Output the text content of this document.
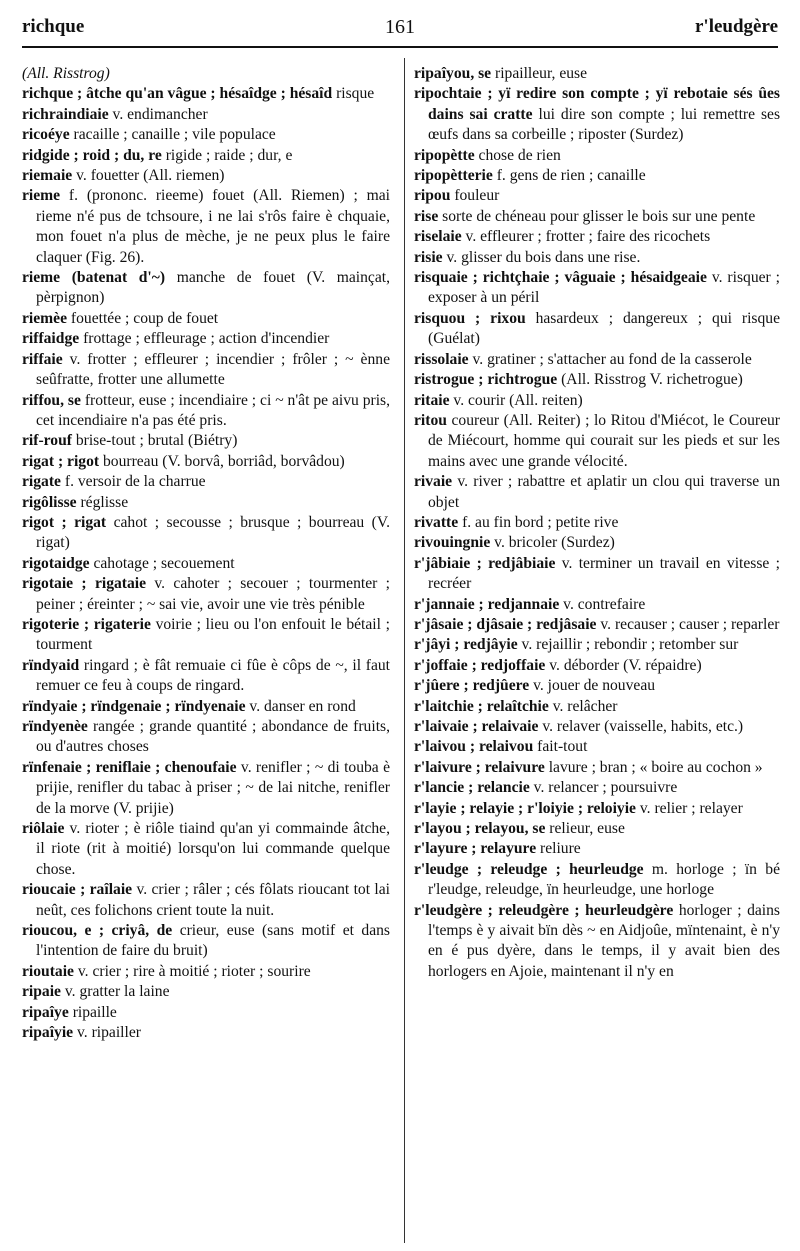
richque	161	r'leudgère

(All. Risstrog)

richque ; âtche qu'an vâgue ; hésaîdge ; hésaîd risque

richraindiaie v. endimancher

ricoéye racaille ; canaille ; vile populace

ridgide ; roid ; du, re rigide ; raide ; dur, e

riemaie v. fouetter (All. riemen)

rieme f. (prononc. rieeme) fouet (All. Riemen) ; mai rieme n'é pus de tchsoure, i ne lai s'rôs faire è chquaie, mon fouet n'a plus de mèche, je ne peux plus le faire claquer (Fig. 26).

rieme (batenat d'~) manche de fouet (V. mainçat, pèrpignon)

riemèe fouettée ; coup de fouet

riffaidge frottage ; effleurage ; action d'incendier

riffaie v. frotter ; effleurer ; incendier ; frôler ; ~ ènne seûfratte, frotter une allumette

riffou, se frotteur, euse ; incendiaire ; ci ~ n'ât pe aivu pris, cet incendiaire n'a pas été pris.

rif-rouf brise-tout ; brutal (Biétry)

rigat ; rigot bourreau (V. borvâ, borriâd, borvâdou)

rigate f. versoir de la charrue

rigôlisse réglisse

rigot ; rigat cahot ; secousse ; brusque ; bourreau (V. rigat)

rigotaidge cahotage ; secouement

rigotaie ; rigataie v. cahoter ; secouer ; tourmenter ; peiner ; éreinter ; ~ sai vie, avoir une vie très pénible

rigoterie ; rigaterie voirie ; lieu ou l'on enfouit le bétail ; tourment

rïndyaid ringard ; è fât remuaie ci fûe è côps de ~, il faut remuer ce feu à coups de ringard.

rïndyaie ; rïndgenaie ; rïndyenaie v. danser en rond

rïndyenèe rangée ; grande quantité ; abondance de fruits, ou d'autres choses

rïnfenaie ; reniflaie ; chenoufaie v. renifler ; ~ di touba è prijie, renifler du tabac à priser ; ~ de lai nitche, renifler de la morve (V. prijie)

riôlaie v. rioter ; è riôle tiaind qu'an yi commainde âtche, il riote (rit à moitié) lorsqu'on lui commande quelque chose.

rioucaie ; raîlaie v. crier ; râler ; cés fôlats rioucant tot lai neût, ces folichons crient toute la nuit.

rioucou, e ; criyâ, de crieur, euse (sans motif et dans l'intention de faire du bruit)

rioutaie v. crier ; rire à moitié ; rioter ; sourire

ripaie v. gratter la laine

ripaîye ripaille

ripaîyie v. ripailler

ripaîyou, se ripailleur, euse

ripochtaie ; yï redire son compte ; yï rebotaie sés ûes dains sai cratte lui dire son compte ; lui remettre ses œufs dans sa corbeille ; riposter (Surdez)

ripopètte chose de rien

ripopètterie f. gens de rien ; canaille

ripou fouleur

rise sorte de chéneau pour glisser le bois sur une pente

riselaie v. effleurer ; frotter ; faire des ricochets

risie v. glisser du bois dans une rise.

risquaie ; richtçhaie ; vâguaie ; hésaidgeaie v. risquer ; exposer à un péril

risquou ; rixou hasardeux ; dangereux ; qui risque (Guélat)

rissolaie v. gratiner ; s'attacher au fond de la casserole

ristrogue ; richtrogue (All. Risstrog V. richetrogue)

ritaie v. courir (All. reiten)

ritou coureur (All. Reiter) ; lo Ritou d'Miécot, le Coureur de Miécourt, homme qui courait sur les pieds et sur les mains avec une grande vélocité.

rivaie v. river ; rabattre et aplatir un clou qui traverse un objet

rivatte f. au fin bord ; petite rive

rivouingnie v. bricoler (Surdez)

r'jâbiaie ; redjâbiaie v. terminer un travail en vitesse ; recréer

r'jannaie ; redjannaie v. contrefaire

r'jâsaie ; djâsaie ; redjâsaie v. recauser ; causer ; reparler

r'jâyi ; redjâyie v. rejaillir ; rebondir ; retomber sur

r'joffaie ; redjoffaie v. déborder (V. répaidre)

r'jûere ; redjûere v. jouer de nouveau

r'laitchie ; relaîtchie v. relâcher

r'laivaie ; relaivaie v. relaver (vaisselle, habits, etc.)

r'laivou ; relaivou fait-tout

r'laivure ; relaivure lavure ; bran ; « boire au cochon »

r'lancie ; relancie v. relancer ; poursuivre

r'layie ; relayie ; r'loiyie ; reloiyie v. relier ; relayer

r'layou ; relayou, se relieur, euse

r'layure ; relayure reliure

r'leudge ; releudge ; heurleudge m. horloge ; ïn bé r'leudge, releudge, ïn heurleudge, une horloge

r'leudgère ; releudgère ; heurleudgère horloger ; dains l'temps è y aivait bïn dès ~ en Aidjoûe, mïntenaint, è n'y en é pus dyère, dans le temps, il y avait bien des horlogers en Ajoie, maintenant il n'y en
